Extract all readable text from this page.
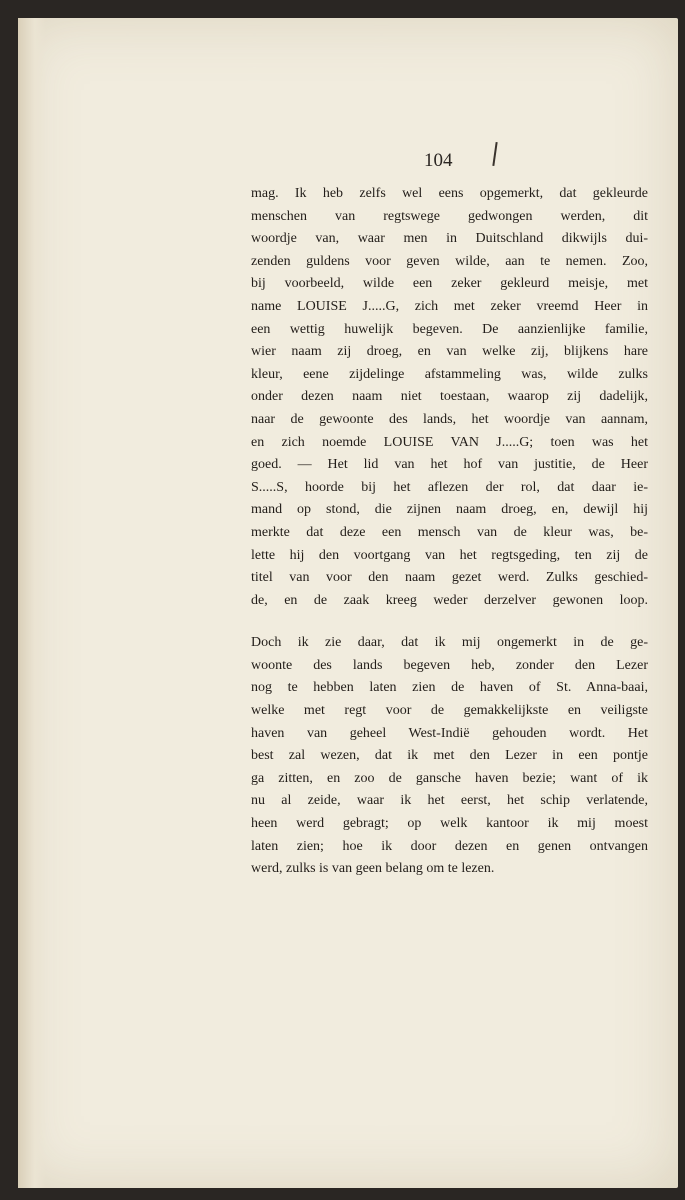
104

mag. Ik heb zelfs wel eens opgemerkt, dat gekleurde
menschen van regtswege gedwongen werden, dit
woordje van, waar men in Duitschland dikwijls dui-
zenden guldens voor geven wilde, aan te nemen. Zoo,
bij voorbeeld, wilde een zeker gekleurd meisje, met
name LOUISE J.....G, zich met zeker vreemd Heer in
een wettig huwelijk begeven. De aanzienlijke familie,
wier naam zij droeg, en van welke zij, blijkens hare
kleur, eene zijdelinge afstammeling was, wilde zulks
onder dezen naam niet toestaan, waarop zij dadelijk,
naar de gewoonte des lands, het woordje van aannam,
en zich noemde LOUISE VAN J.....G; toen was het
goed. — Het lid van het hof van justitie, de Heer
S.....S, hoorde bij het aflezen der rol, dat daar ie-
mand op stond, die zijnen naam droeg, en, dewijl hij
merkte dat deze een mensch van de kleur was, be-
lette hij den voortgang van het regtsgeding, ten zij de
titel van voor den naam gezet werd. Zulks geschied-
de, en de zaak kreeg weder derzelver gewonen loop.

Doch ik zie daar, dat ik mij ongemerkt in de ge-
woonte des lands begeven heb, zonder den Lezer
nog te hebben laten zien de haven of St. Anna-baai,
welke met regt voor de gemakkelijkste en veiligste
haven van geheel West-Indië gehouden wordt. Het
best zal wezen, dat ik met den Lezer in een pontje
ga zitten, en zoo de gansche haven bezie; want of ik
nu al zeide, waar ik het eerst, het schip verlatende,
heen werd gebragt; op welk kantoor ik mij moest
laten zien; hoe ik door dezen en genen ontvangen
werd, zulks is van geen belang om te lezen.
